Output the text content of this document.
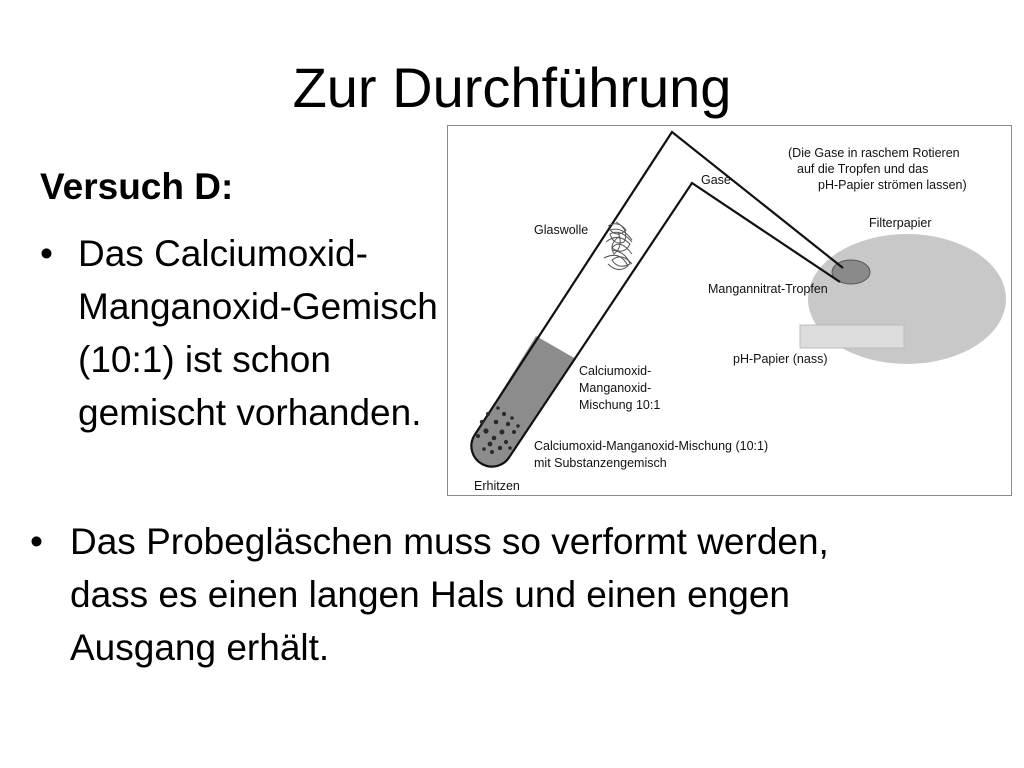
Zur Durchführung
Versuch D:
• Das Calciumoxid-Manganoxid-Gemisch (10:1) ist schon gemischt vorhanden.
(Die Gase in raschem Rotieren
auf die Tropfen und das
pH-Papier strömen lassen)
Gase
Glaswolle	Filterpapier
Mangannitrat-Tropfen
pH-Papier (nass)
Calciumoxid-
Manganoxid-
Mischung 10:1
Calciumoxid-Manganoxid-Mischung (10:1)
mit Substanzengemisch
Erhitzen
• Das Probegläschen muss so verformt werden, dass es einen langen Hals und einen engen Ausgang erhält.
